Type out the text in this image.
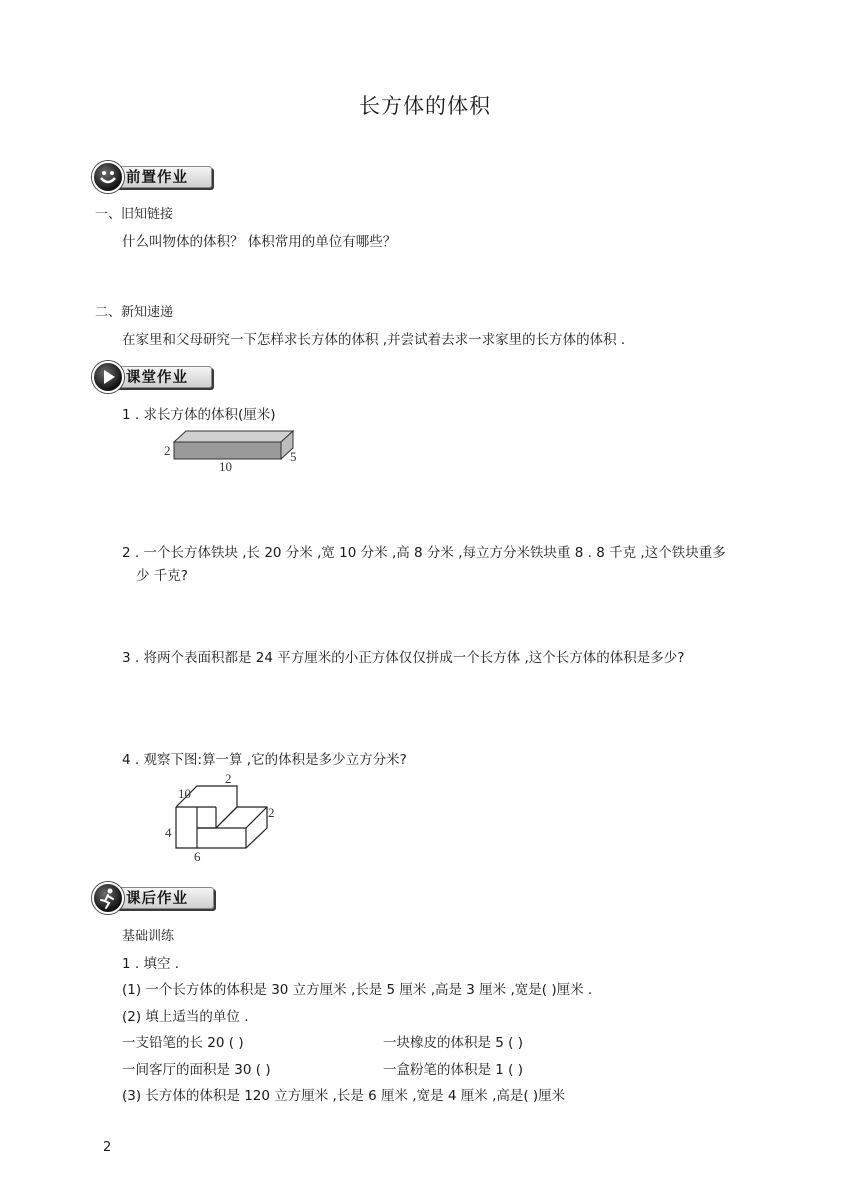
长方体的体积
前置作业
一、旧知链接
什么叫物体的体积？ 体积常用的单位有哪些？
二、新知速递
在家里和父母研究一下怎样求长方体的体积 ,并尝试着去求一求家里的长方体的体积 .
课堂作业
1 . 求长方体的体积(厘米)
2
10
5
2 . 一个长方体铁块 ,长 20 分米 ,宽 10 分米 ,高 8 分米 ,每立方分米铁块重 8 . 8 千克 ,这个铁块重多
少 千克?
3 . 将两个表面积都是 24 平方厘米的小正方体仅仅拼成一个长方体 ,这个长方体的体积是多少?
4 . 观察下图:算一算 ,它的体积是多少立方分米?
2
10
2
4
6
课后作业
基础训练
1 . 填空 .
(1) 一个长方体的体积是 30 立方厘米 ,长是 5 厘米 ,高是 3 厘米 ,宽是( )厘米 .
(2) 填上适当的单位 .
一支铅笔的长 20 ( )	一块橡皮的体积是 5 ( )
一间客厅的面积是 30 ( )	一盒粉笔的体积是 1 ( )
(3) 长方体的体积是 120 立方厘米 ,长是 6 厘米 ,宽是 4 厘米 ,高是( )厘米
2
